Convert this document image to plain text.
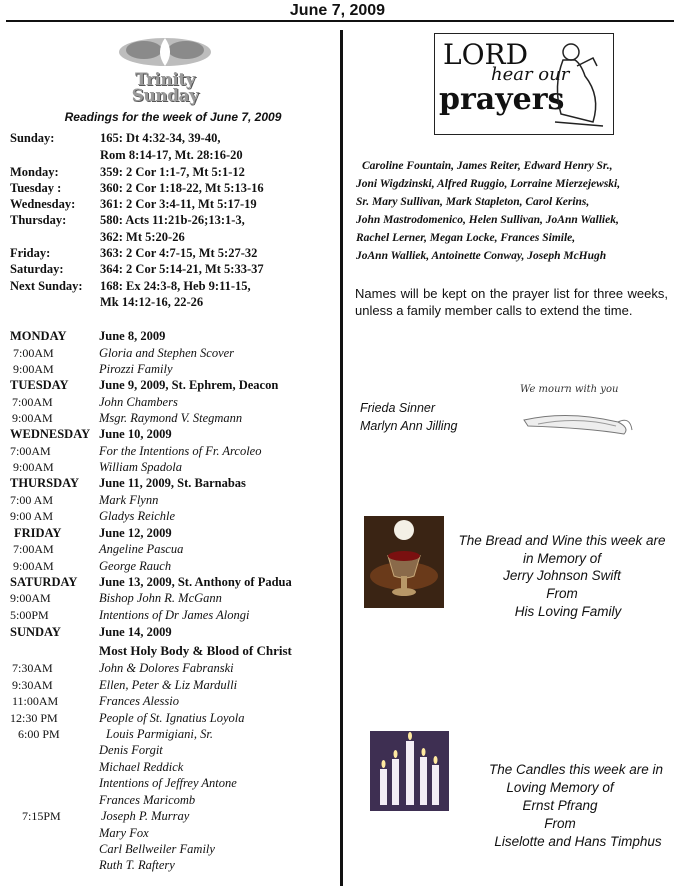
June 7, 2009
Trinity
Sunday
Readings for the week of June 7, 2009
Sunday:	165: Dt 4:32-34, 39-40,
Rom 8:14-17, Mt. 28:16-20
Monday:	359: 2 Cor 1:1-7, Mt 5:1-12
Tuesday :	360: 2 Cor 1:18-22, Mt 5:13-16
Wednesday: 361: 2 Cor 3:4-11, Mt 5:17-19
Thursday:	580: Acts 11:21b-26;13:1-3,
362: Mt 5:20-26
Friday:	363: 2 Cor 4:7-15, Mt 5:27-32
Saturday:	364: 2 Cor 5:14-21, Mt 5:33-37
Next Sunday: 168: Ex 24:3-8, Heb 9:11-15,
Mk 14:12-16, 22-26
MONDAY	June 8, 2009
7:00AM	Gloria and Stephen Scover
9:00AM	Pirozzi Family
TUESDAY June 9, 2009, St. Ephrem, Deacon
7:00AM	John Chambers
9:00AM	Msgr. Raymond V. Stegmann
WEDNESDAY June 10, 2009
7:00AM	For the Intentions of Fr. Arcoleo
9:00AM	William Spadola
THURSDAY June 11, 2009, St. Barnabas
7:00 AM	Mark Flynn
9:00 AM	Gladys Reichle
FRIDAY	June 12, 2009
7:00AM	Angeline Pascua
9:00AM	George Rauch
SATURDAY June 13, 2009, St. Anthony of Padua
9:00AM	Bishop John R. McGann
5:00PM	Intentions of Dr James Alongi
SUNDAY	June 14, 2009
Most Holy Body & Blood of Christ
7:30AM	John & Dolores Fabranski
9:30AM	Ellen, Peter & Liz Mardulli
11:00AM	Frances Alessio
12:30 PM	People of St. Ignatius Loyola
6:00 PM	Louis Parmigiani, Sr.
Denis Forgit
Michael Reddick
Intentions of Jeffrey Antone
Frances Maricomb
7:15PM	Joseph P. Murray
Mary Fox
Carl Bellweiler Family
Ruth T. Raftery
LORD
hear our
prayers
Caroline Fountain, James Reiter, Edward Henry Sr.,
Joni Wigdzinski, Alfred Ruggio, Lorraine Mierzejewski,
Sr. Mary Sullivan, Mark Stapleton, Carol Kerins,
John Mastrodomenico, Helen Sullivan, JoAnn Walliek,
Rachel Lerner, Megan Locke, Frances Simile,
JoAnn Walliek, Antoinette Conway, Joseph McHugh
Names will be kept on the prayer list for three weeks, unless a family member calls to extend the time.
Frieda Sinner
Marlyn Ann Jilling
We mourn with you
The Bread and Wine this week are
in Memory of
Jerry Johnson Swift
From
His Loving Family
The Candles this week are in
Loving Memory of
Ernst Pfrang
From
Liselotte and Hans Timphus
